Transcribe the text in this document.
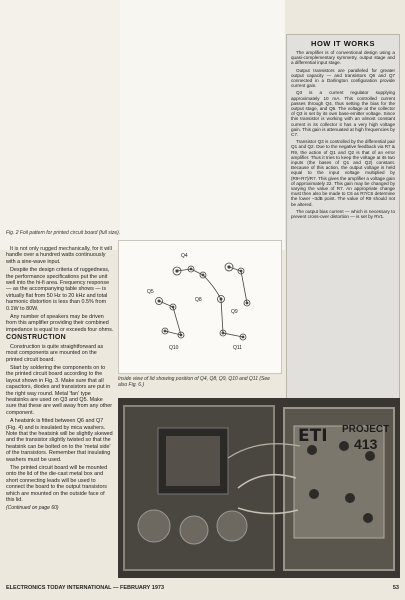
HOW IT WORKS

The amplifier is of conventional design using a quasi-complementary symmetry, output stage and a differential input stage.

Output transistors are paralleled for greater output capacity — and transistors Q6 and Q7 connected in a Darlington configuration provide current gain.

Q3 is a current regulator supplying approximately 10 mA. This controlled current passes through Q4, thus setting the bias for the output stage, and Q5. The voltage at the collector of Q3 is set by its own base-emitter voltage. Since this transistor is working with an almost constant current in its collector it has a very high voltage gain. This gain is attenuated at high frequencies by C7.

Transistor Q3 is controlled by the differential pair Q1 and Q2. Due to the negative feedback via R7 & R9, the action of Q1 and Q2 is that of an error amplifier. Thus it tries to keep the voltage at its two inputs (the bases of Q1 and Q2) constant. Because of this action, the output voltage is held equal to the input voltage multiplied by (R9+R7)/R7. This gives the amplifier a voltage gain of approximately 22. This gain may be changed by varying the value of R7. An appropriate change must then also be made to C6 as R7/C6 determine the lower –3dB point. The value of R9 should not be altered.

The output bias current — which is necessary to prevent cross-over distortion — is set by RV1.

Fig. 2 Foil pattern for printed circuit board (full size).
Q4
Q5
Q9
Q10	Q11
Q8

It is not only rugged mechanically, for it will handle over a hundred watts continuously with a sine-wave input.

Despite the design criteria of ruggedness, the performance specifications put the unit well into the hi-fi area. Frequency response — as the accompanying table shows — is virtually flat from 50 Hz to 20 kHz and total harmonic distortion is less than 0.5% from 0.1W to 80W.

Any number of speakers may be driven from this amplifier providing their combined impedance is equal to or exceeds four ohms.

CONSTRUCTION

Construction is quite straightforward as most components are mounted on the printed circuit board.

Start by soldering the components on to the printed circuit board according to the layout shown in Fig. 3. Make sure that all capacitors, diodes and transistors are put in the right way round. Metal 'fan' type heatsinks are used on Q3 and Q5. Make sure that these are well away from any other component.

A heatsink is fitted between Q6 and Q7 (Fig. 4) and is insulated by mica washers. Note that the heatsink will be slightly skewed and the transistor slightly twisted so that the heatsink can be bolted on to the 'metal side' of the transistors. Remember that insulating washers must be used.

The printed circuit board will be mounted onto the lid of the die-cast metal box and short connecting leads will be used to connect the board to the output transistors which are mounted on the outside face of this lid.

(Continued on page 60)

Inside view of lid showing position of Q4, Q8, Q9, Q10 and Q11 (See also Fig. 6.)
ETI PROJECT
413
ELECTRONICS TODAY INTERNATIONAL — FEBRUARY 1973	53
